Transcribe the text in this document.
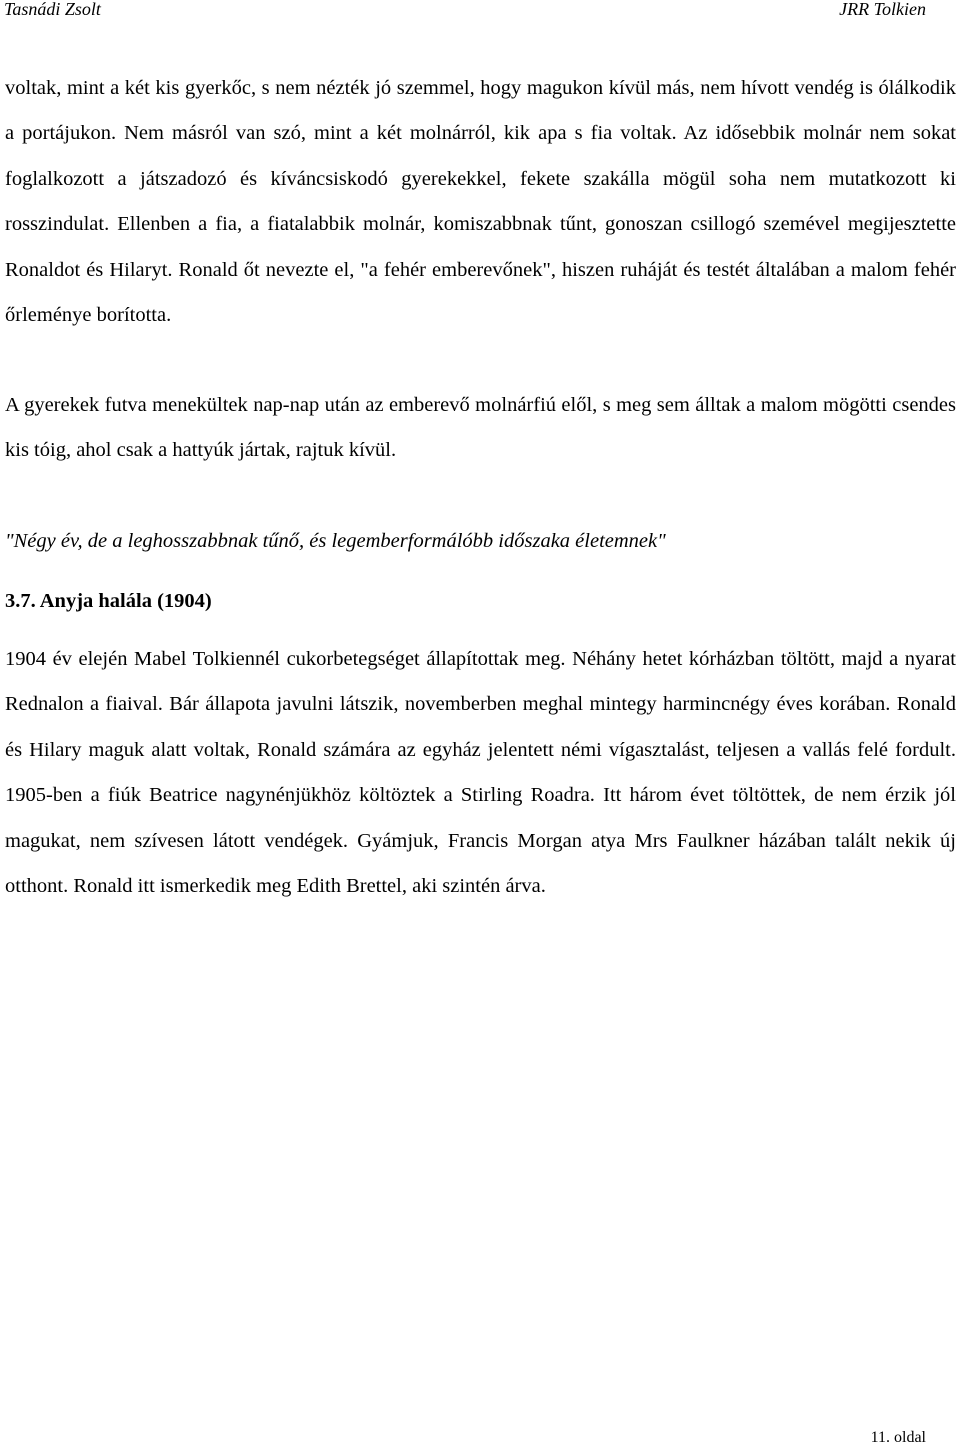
Tasnádi Zsolt	JRR Tolkien

voltak, mint a két kis gyerkőc, s nem nézték jó szemmel, hogy magukon kívül más, nem hívott vendég is ólálkodik a portájukon. Nem másról van szó, mint a két molnárról, kik apa s fia voltak. Az idősebbik molnár nem sokat foglalkozott a játszadozó és kíváncsiskodó gyerekekkel, fekete szakálla mögül soha nem mutatkozott ki rosszindulat. Ellenben a fia, a fiatalabbik molnár, komiszabbnak tűnt, gonoszan csillogó szemével megijesztette Ronaldot és Hilaryt. Ronald őt nevezte el, "a fehér emberevőnek", hiszen ruháját és testét általában a malom fehér őrleménye borította.

A gyerekek futva menekültek nap-nap után az emberevő molnárfiú elől, s meg sem álltak a malom mögötti csendes kis tóig, ahol csak a hattyúk jártak, rajtuk kívül.

"Négy év, de a leghosszabbnak tűnő, és legemberformálóbb időszaka életemnek"

3.7. Anyja halála (1904)

1904 év elején Mabel Tolkiennél cukorbetegséget állapítottak meg. Néhány hetet kórházban töltött, majd a nyarat Rednalon a fiaival. Bár állapota javulni látszik, novemberben meghal mintegy harmincnégy éves korában. Ronald és Hilary maguk alatt voltak, Ronald számára az egyház jelentett némi vígasztalást, teljesen a vallás felé fordult. 1905-ben a fiúk Beatrice nagynénjükhöz költöztek a Stirling Roadra. Itt három évet töltöttek, de nem érzik jól magukat, nem szívesen látott vendégek. Gyámjuk, Francis Morgan atya Mrs Faulkner házában talált nekik új otthont. Ronald itt ismerkedik meg Edith Brettel, aki szintén árva.

11. oldal
